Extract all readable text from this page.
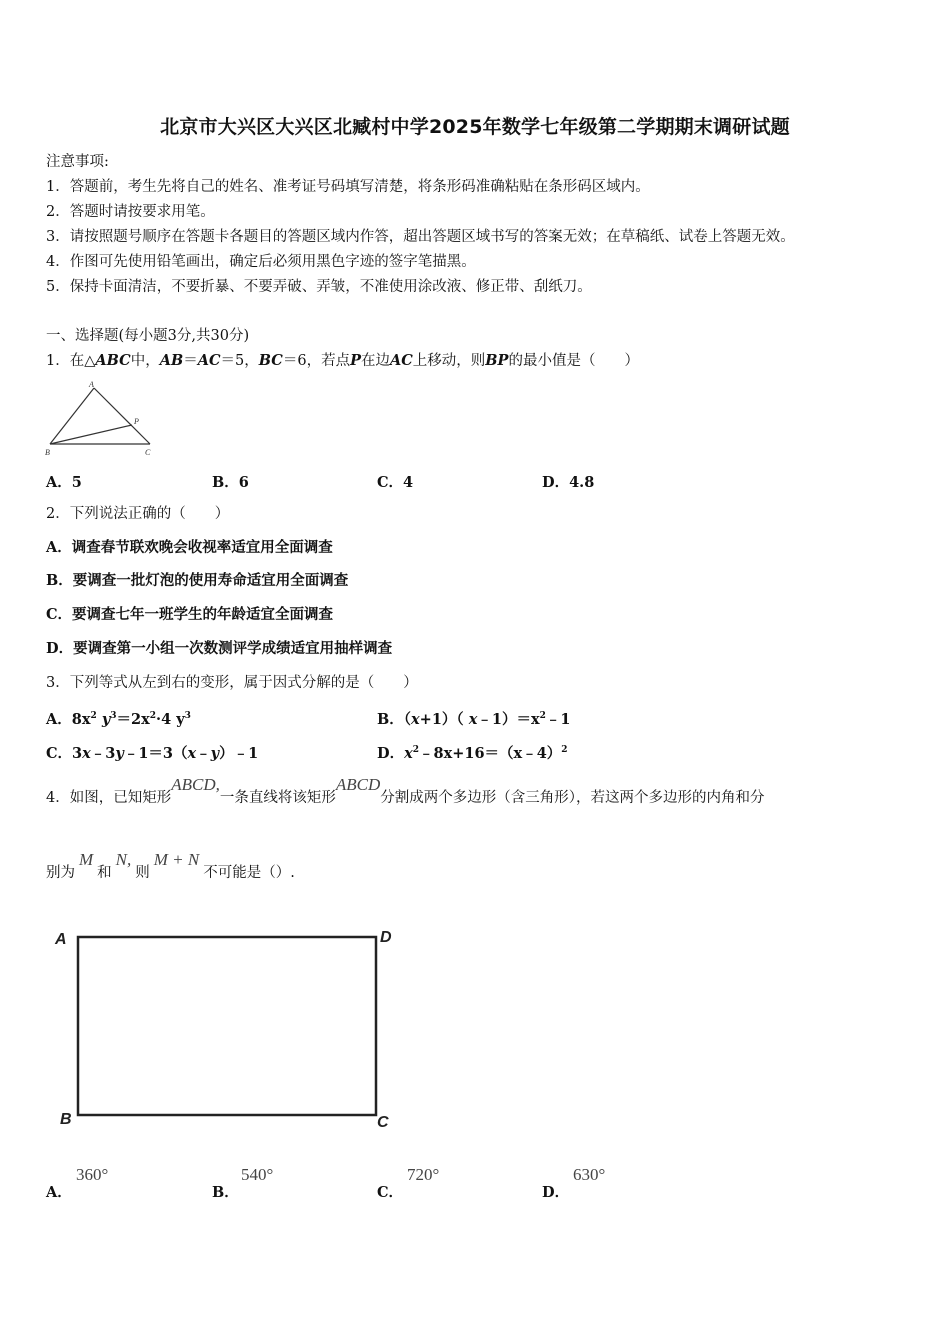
北京市大兴区大兴区北臧村中学2025年数学七年级第二学期期末调研试题
注意事项:
1．答题前，考生先将自己的姓名、准考证号码填写清楚，将条形码准确粘贴在条形码区域内。
2．答题时请按要求用笔。
3．请按照题号顺序在答题卡各题目的答题区域内作答，超出答题区域书写的答案无效；在草稿纸、试卷上答题无效。
4．作图可先使用铅笔画出，确定后必须用黑色字迹的签字笔描黑。
5．保持卡面清洁，不要折暴、不要弄破、弄皱，不准使用涂改液、修正带、刮纸刀。
一、选择题(每小题3分,共30分)
1．在△ABC中，AB＝AC＝5，BC＝6，若点P在边AC上移动，则BP的最小值是（　　）
A
B	C
P
A．5	B．6	C．4	D．4.8
2．下列说法正确的（　　）
A．调查春节联欢晚会收视率适宜用全面调查
B．要调查一批灯泡的使用寿命适宜用全面调查
C．要调查七年一班学生的年龄适宜全面调查
D．要调查第一小组一次数测评学成绩适宜用抽样调查
3．下列等式从左到右的变形，属于因式分解的是（　　）
A．$8x^2$ $y^3=2x^2\cdot 4$ $y^3$	B．（x+1）（ $x﹣1)=x^2﹣1$
C．3x﹣3y﹣1＝3（x﹣y）﹣1	D．$x^2﹣8x+16=(x﹣4)^2$
4．如图，已知矩形ABCD,一条直线将该矩形ABCD分割成两个多边形（含三角形），若这两个多边形的内角和分
别为M和N,则M + N不可能是（）.
A	D
B	C
A．
360°
B．
540°
C．
720°
D．
630°
